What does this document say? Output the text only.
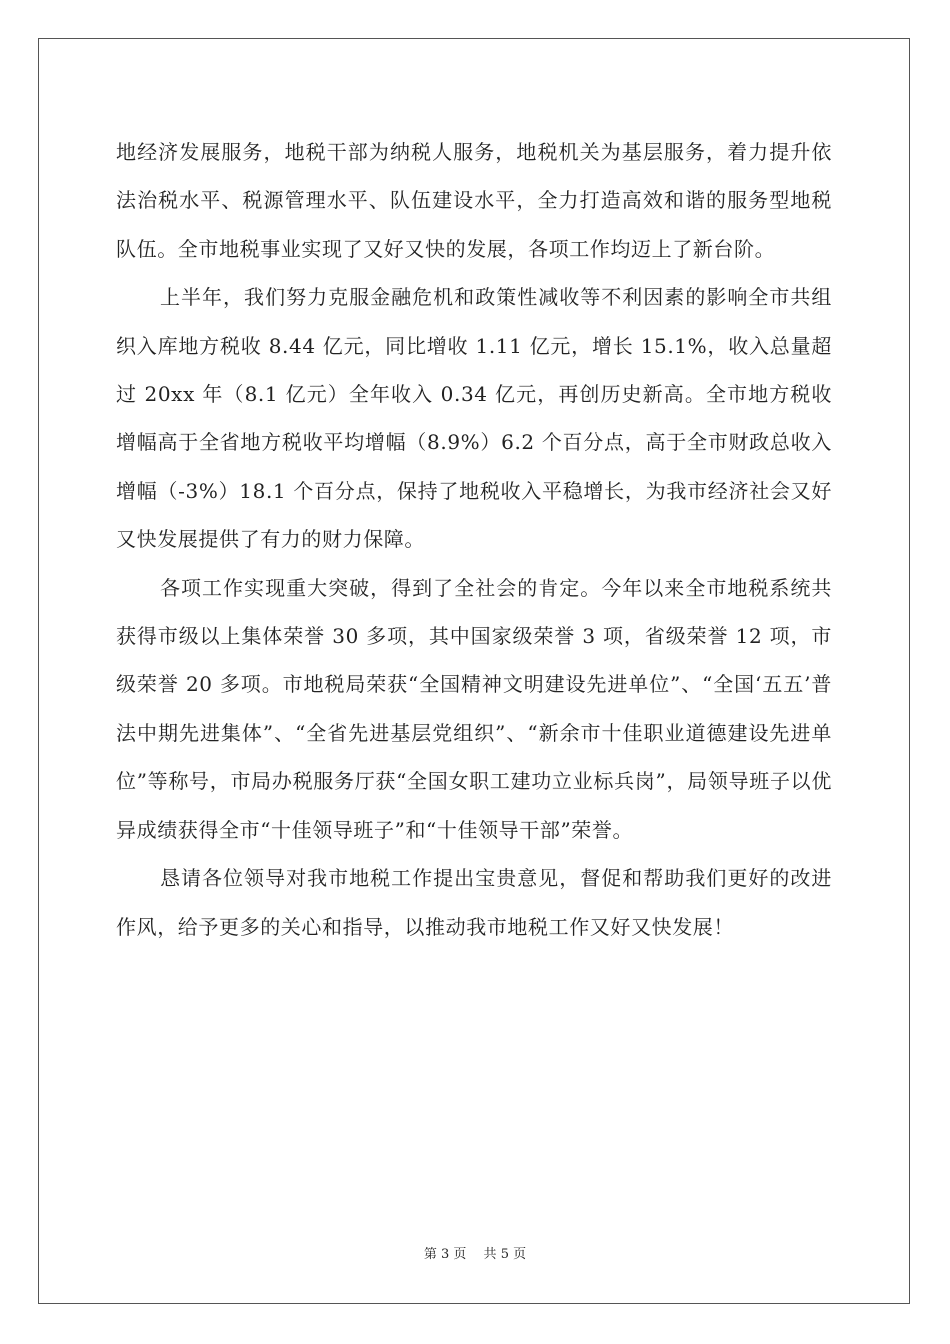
地经济发展服务，地税干部为纳税人服务，地税机关为基层服务，着力提升依法治税水平、税源管理水平、队伍建设水平，全力打造高效和谐的服务型地税队伍。全市地税事业实现了又好又快的发展，各项工作均迈上了新台阶。

上半年，我们努力克服金融危机和政策性减收等不利因素的影响全市共组织入库地方税收 8.44 亿元，同比增收 1.11 亿元，增长 15.1%，收入总量超过 20xx 年（8.1 亿元）全年收入 0.34 亿元，再创历史新高。全市地方税收增幅高于全省地方税收平均增幅（8.9%）6.2 个百分点，高于全市财政总收入增幅（-3%）18.1 个百分点，保持了地税收入平稳增长，为我市经济社会又好又快发展提供了有力的财力保障。

各项工作实现重大突破，得到了全社会的肯定。今年以来全市地税系统共获得市级以上集体荣誉 30 多项，其中国家级荣誉 3 项，省级荣誉 12 项，市级荣誉 20 多项。市地税局荣获“全国精神文明建设先进单位”、“全国‘五五’普法中期先进集体”、“全省先进基层党组织”、“新余市十佳职业道德建设先进单位”等称号，市局办税服务厅获“全国女职工建功立业标兵岗”，局领导班子以优异成绩获得全市“十佳领导班子”和“十佳领导干部”荣誉。

恳请各位领导对我市地税工作提出宝贵意见，督促和帮助我们更好的改进作风，给予更多的关心和指导，以推动我市地税工作又好又快发展！

第 3 页　 共 5 页
